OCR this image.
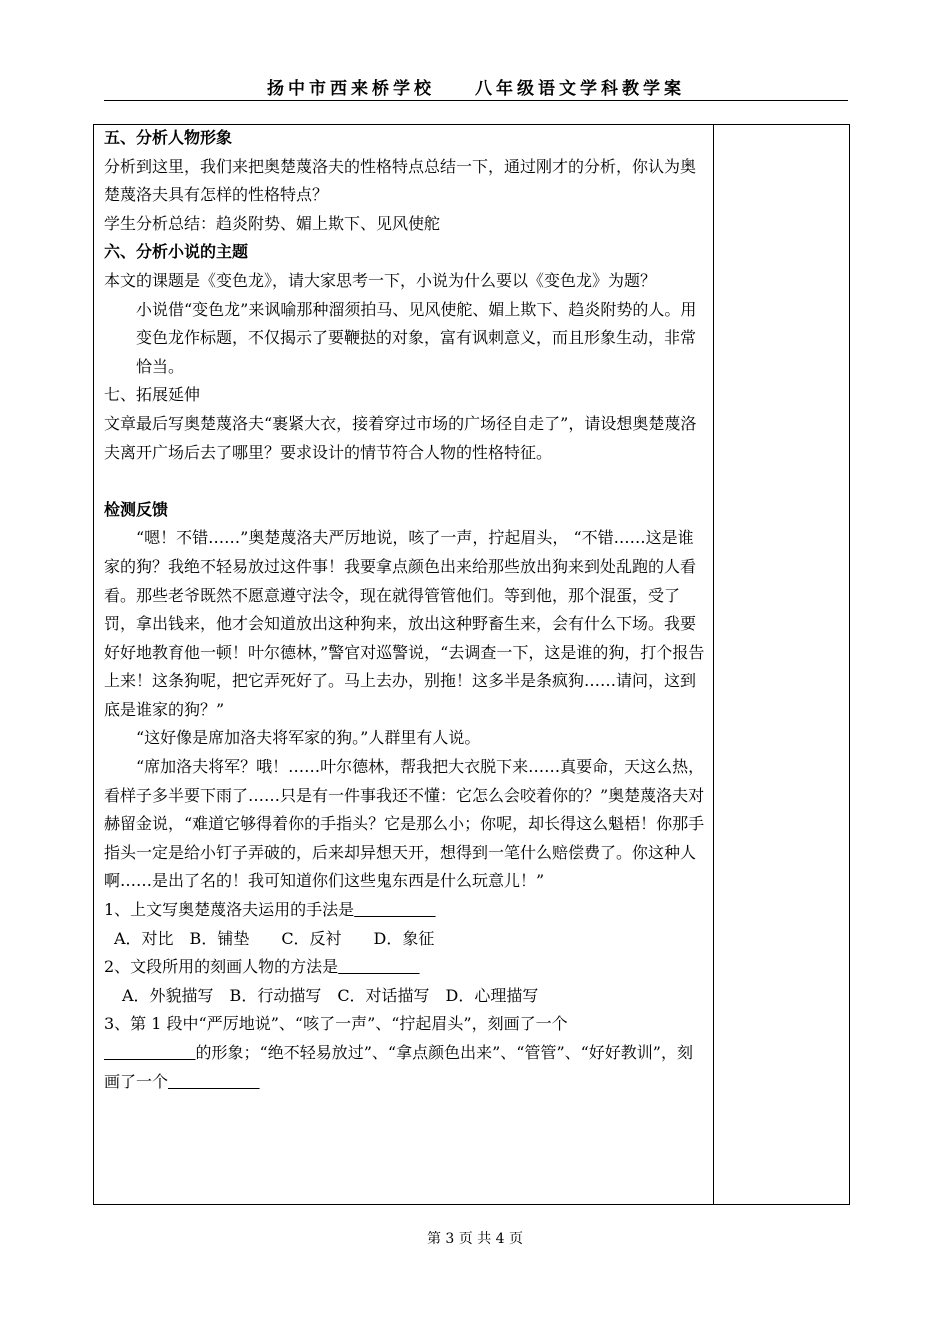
扬中市西来桥学校 八年级语文学科教学案

五、分析人物形象

分析到这里，我们来把奥楚蔑洛夫的性格特点总结一下，通过刚才的分析，你认为奥楚蔑洛夫具有怎样的性格特点？

学生分析总结：趋炎附势、媚上欺下、见风使舵

六、分析小说的主题

本文的课题是《变色龙》，请大家思考一下，小说为什么要以《变色龙》为题？

小说借“变色龙”来讽喻那种溜须拍马、见风使舵、媚上欺下、趋炎附势的人。用变色龙作标题，不仅揭示了要鞭挞的对象，富有讽刺意义，而且形象生动，非常恰当。

七、拓展延伸

文章最后写奥楚蔑洛夫“裹紧大衣，接着穿过市场的广场径自走了”，请设想奥楚蔑洛夫离开广场后去了哪里？要求设计的情节符合人物的性格特征。

检测反馈

“嗯！不错……”奥楚蔑洛夫严厉地说，咳了一声，拧起眉头， “不错……这是谁家的狗？我绝不轻易放过这件事！我要拿点颜色出来给那些放出狗来到处乱跑的人看看。那些老爷既然不愿意遵守法令，现在就得管管他们。等到他，那个混蛋，受了罚，拿出钱来，他才会知道放出这种狗来，放出这种野畜生来，会有什么下场。我要好好地教育他一顿！叶尔德林，”警官对巡警说，“去调查一下，这是谁的狗，打个报告上来！这条狗呢，把它弄死好了。马上去办，别拖！这多半是条疯狗……请问，这到底是谁家的狗？”

“这好像是席加洛夫将军家的狗。”人群里有人说。

“席加洛夫将军？哦！……叶尔德林，帮我把大衣脱下来……真要命，天这么热，看样子多半要下雨了……只是有一件事我还不懂：它怎么会咬着你的？”奥楚蔑洛夫对赫留金说，“难道它够得着你的手指头？它是那么小；你呢，却长得这么魁梧！你那手指头一定是给小钉子弄破的，后来却异想天开，想得到一笔什么赔偿费了。你这种人啊……是出了名的！我可知道你们这些鬼东西是什么玩意儿！”

1、上文写奥楚蔑洛夫运用的手法是

A．对比　B．铺垫　　C．反衬　　D．象征

2、文段所用的刻画人物的方法是

A．外貌描写　B．行动描写　C．对话描写　D．心理描写

3、第 1 段中“严厉地说”、“咳了一声”、“拧起眉头”，刻画了一个
的形象；“绝不轻易放过”、“拿点颜色出来”、“管管”、“好好教训”，刻画了一个

第 3 页 共 4 页
